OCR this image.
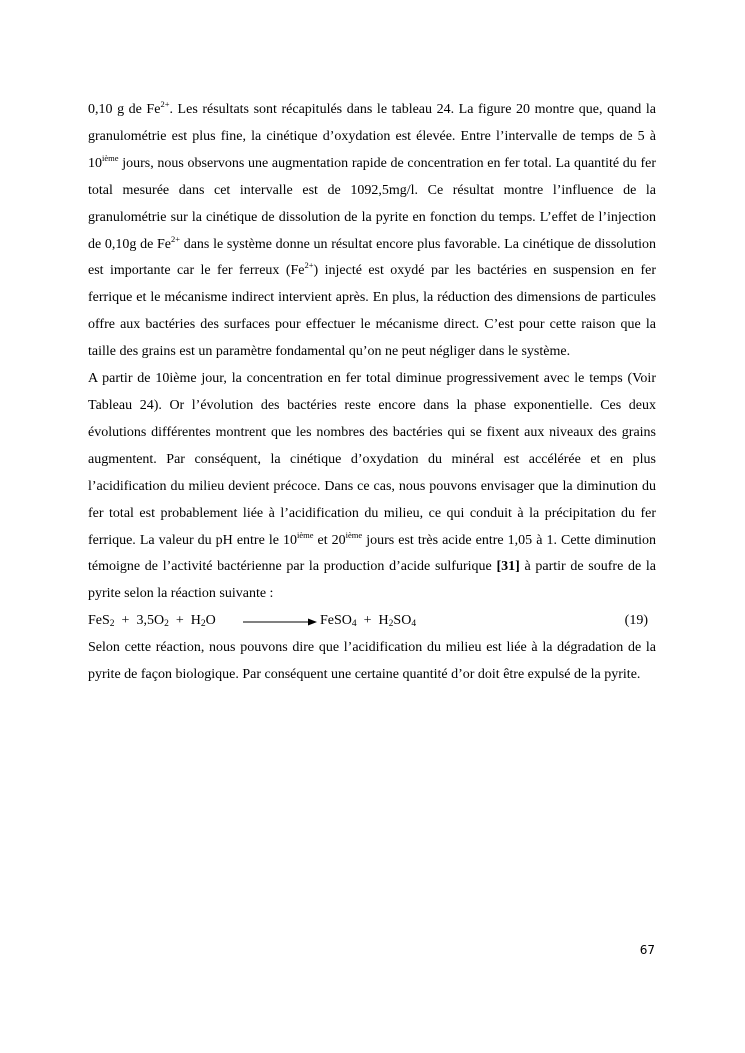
0,10 g de $Fe^{2+}$. Les résultats sont récapitulés dans le tableau 24. La figure 20 montre que, quand la granulométrie est plus fine, la cinétique d’oxydation est élevée. Entre l’intervalle de temps de 5 à 10ième jours, nous observons une augmentation rapide de concentration en fer total. La quantité du fer total mesurée dans cet intervalle est de 1092,5mg/l. Ce résultat montre l’influence de la granulométrie sur la cinétique de dissolution de la pyrite en fonction du temps. L’effet de l’injection de 0,10g de $Fe^{2+}$ dans le système donne un résultat encore plus favorable. La cinétique de dissolution est importante car le fer ferreux $(Fe^{2+})$ injecté est oxydé par les bactéries en suspension en fer ferrique et le mécanisme indirect intervient après. En plus, la réduction des dimensions de particules offre aux bactéries des surfaces pour effectuer le mécanisme direct. C’est pour cette raison que la taille des grains est un paramètre fondamental qu’on ne peut négliger dans le système.

A partir de 10ième jour, la concentration en fer total diminue progressivement avec le temps (Voir Tableau 24). Or l’évolution des bactéries reste encore dans la phase exponentielle. Ces deux évolutions différentes montrent que les nombres des bactéries qui se fixent aux niveaux des grains augmentent. Par conséquent, la cinétique d’oxydation du minéral est accélérée et en plus l’acidification du milieu devient précoce. Dans ce cas, nous pouvons envisager que la diminution du fer total est probablement liée à l’acidification du milieu, ce qui conduit à la précipitation du fer ferrique. La valeur du pH entre le 10ième et 20ième jours est très acide entre 1,05 à 1. Cette diminution témoigne de l’activité bactérienne par la production d’acide sulfurique [31] à partir de soufre de la pyrite selon la réaction suivante :

$FeS_2 + 3,5O_2 + H_2O$	FeSO$_4$  +  $H_2SO_4$	(19)

Selon cette réaction, nous pouvons dire que l’acidification du milieu est liée à la dégradation de la pyrite de façon biologique. Par conséquent une certaine quantité d’or doit être expulsé de la pyrite.

67
